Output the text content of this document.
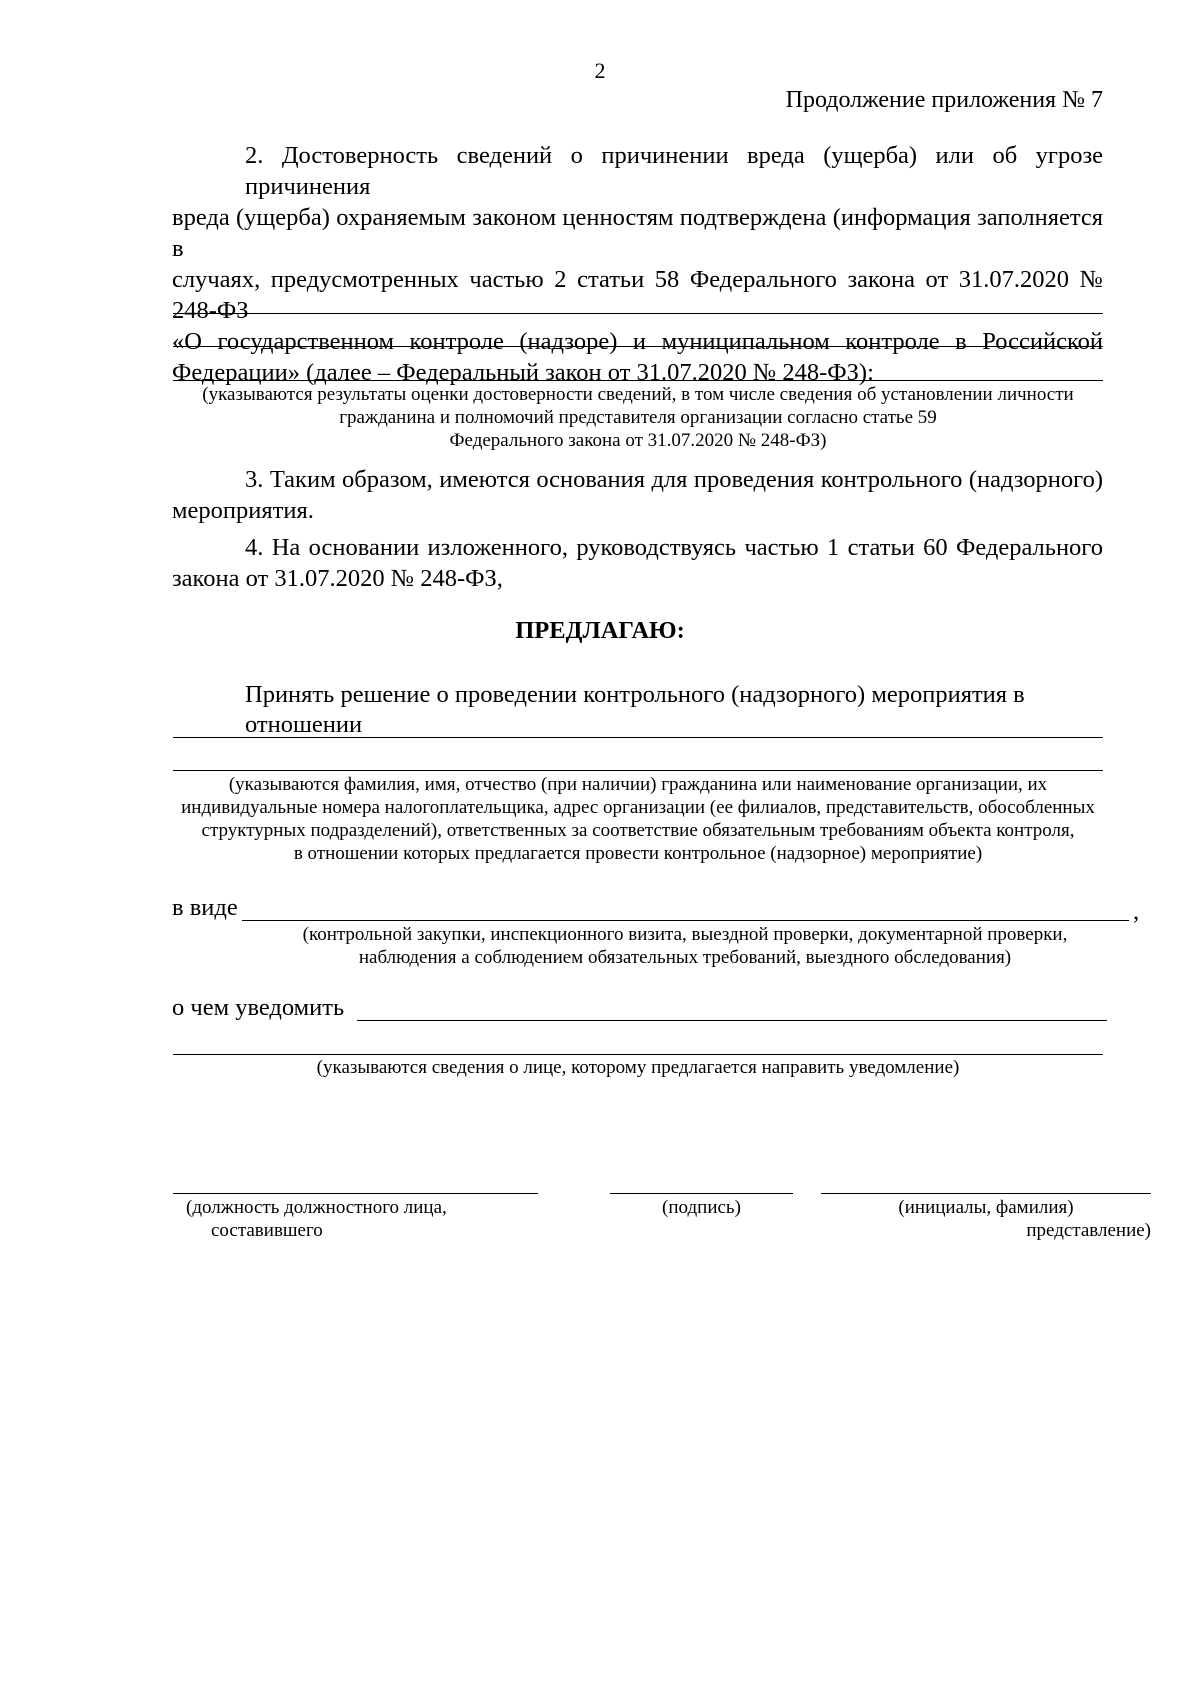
2
Продолжение приложения № 7
2. Достоверность сведений о причинении вреда (ущерба) или об угрозе причинения
вреда (ущерба) охраняемым законом ценностям подтверждена (информация заполняется в
случаях, предусмотренных частью 2 статьи 58 Федерального закона от 31.07.2020 № 248-ФЗ
«О государственном контроле (надзоре) и муниципальном контроле в Российской
Федерации» (далее – Федеральный закон от 31.07.2020 № 248-ФЗ):
(указываются результаты оценки достоверности сведений, в том числе сведения об установлении личности
гражданина и полномочий представителя организации согласно статье 59
Федерального закона от 31.07.2020 № 248-ФЗ)
3. Таким образом, имеются основания для проведения контрольного (надзорного)
мероприятия.
4. На основании изложенного, руководствуясь частью 1 статьи 60 Федерального
закона от 31.07.2020 № 248-ФЗ,
ПРЕДЛАГАЮ:
Принять решение о проведении контрольного (надзорного) мероприятия в отношении
(указываются фамилия, имя, отчество (при наличии) гражданина или наименование организации, их
индивидуальные номера налогоплательщика, адрес организации (ее филиалов, представительств, обособленных
структурных подразделений), ответственных за соответствие обязательным требованиям объекта контроля,
в отношении которых предлагается провести контрольное (надзорное) мероприятие)
в виде	,
(контрольной закупки, инспекционного визита, выездной проверки, документарной проверки,
наблюдения а соблюдением обязательных требований, выездного обследования)
о чем уведомить
(указываются сведения о лице, которому предлагается направить уведомление)
(должность должностного лица,
составившего
(подпись)	(инициалы, фамилия)
представление)
